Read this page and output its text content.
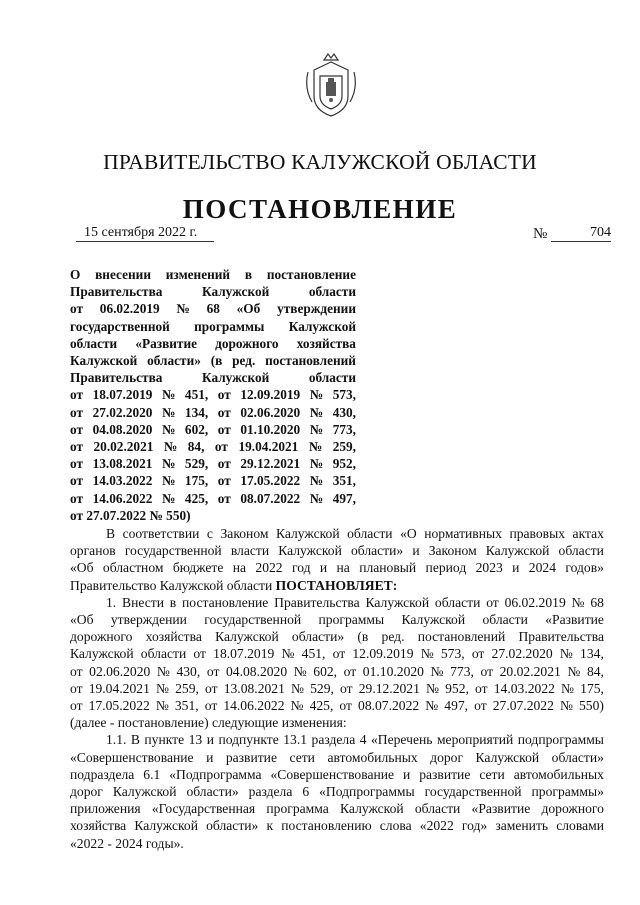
ПРАВИТЕЛЬСТВО КАЛУЖСКОЙ ОБЛАСТИ
ПОСТАНОВЛЕНИЕ
15 сентября 2022 г.	№	704
О внесении изменений в постановление
Правительства	Калужской	области
от 06.02.2019 № 68 «Об утверждении
государственной программы Калужской
области «Развитие дорожного хозяйства
Калужской области» (в ред. постановлений
Правительства	Калужской	области
от 18.07.2019 № 451, от 12.09.2019 № 573,
от 27.02.2020 № 134, от 02.06.2020 № 430,
от 04.08.2020 № 602, от 01.10.2020 № 773,
от 20.02.2021 № 84, от 19.04.2021 № 259,
от 13.08.2021 № 529, от 29.12.2021 № 952,
от 14.03.2022 № 175, от 17.05.2022 № 351,
от 14.06.2022 № 425, от 08.07.2022 № 497,
от 27.07.2022 № 550)
В соответствии с Законом Калужской области «О нормативных правовых актах
органов государственной власти Калужской области» и Законом Калужской области
«Об областном бюджете на 2022 год и на плановый период 2023 и 2024 годов»
Правительство Калужской области ПОСТАНОВЛЯЕТ:
1. Внести в постановление Правительства Калужской области от 06.02.2019 № 68
«Об утверждении государственной программы Калужской области «Развитие
дорожного хозяйства Калужской области» (в ред. постановлений Правительства
Калужской области от 18.07.2019 № 451, от 12.09.2019 № 573, от 27.02.2020 № 134,
от 02.06.2020 № 430, от 04.08.2020 № 602, от 01.10.2020 № 773, от 20.02.2021 № 84,
от 19.04.2021 № 259, от 13.08.2021 № 529, от 29.12.2021 № 952, от 14.03.2022 № 175,
от 17.05.2022 № 351, от 14.06.2022 № 425, от 08.07.2022 № 497, от 27.07.2022 № 550)
(далее - постановление) следующие изменения:
1.1. В пункте 13 и подпункте 13.1 раздела 4 «Перечень мероприятий подпрограммы
«Совершенствование и развитие сети автомобильных дорог Калужской области»
подраздела 6.1 «Подпрограмма «Совершенствование и развитие сети автомобильных
дорог Калужской области» раздела 6 «Подпрограммы государственной программы»
приложения «Государственная программа Калужской области «Развитие дорожного
хозяйства Калужской области» к постановлению слова «2022 год» заменить словами
«2022 - 2024 годы».
